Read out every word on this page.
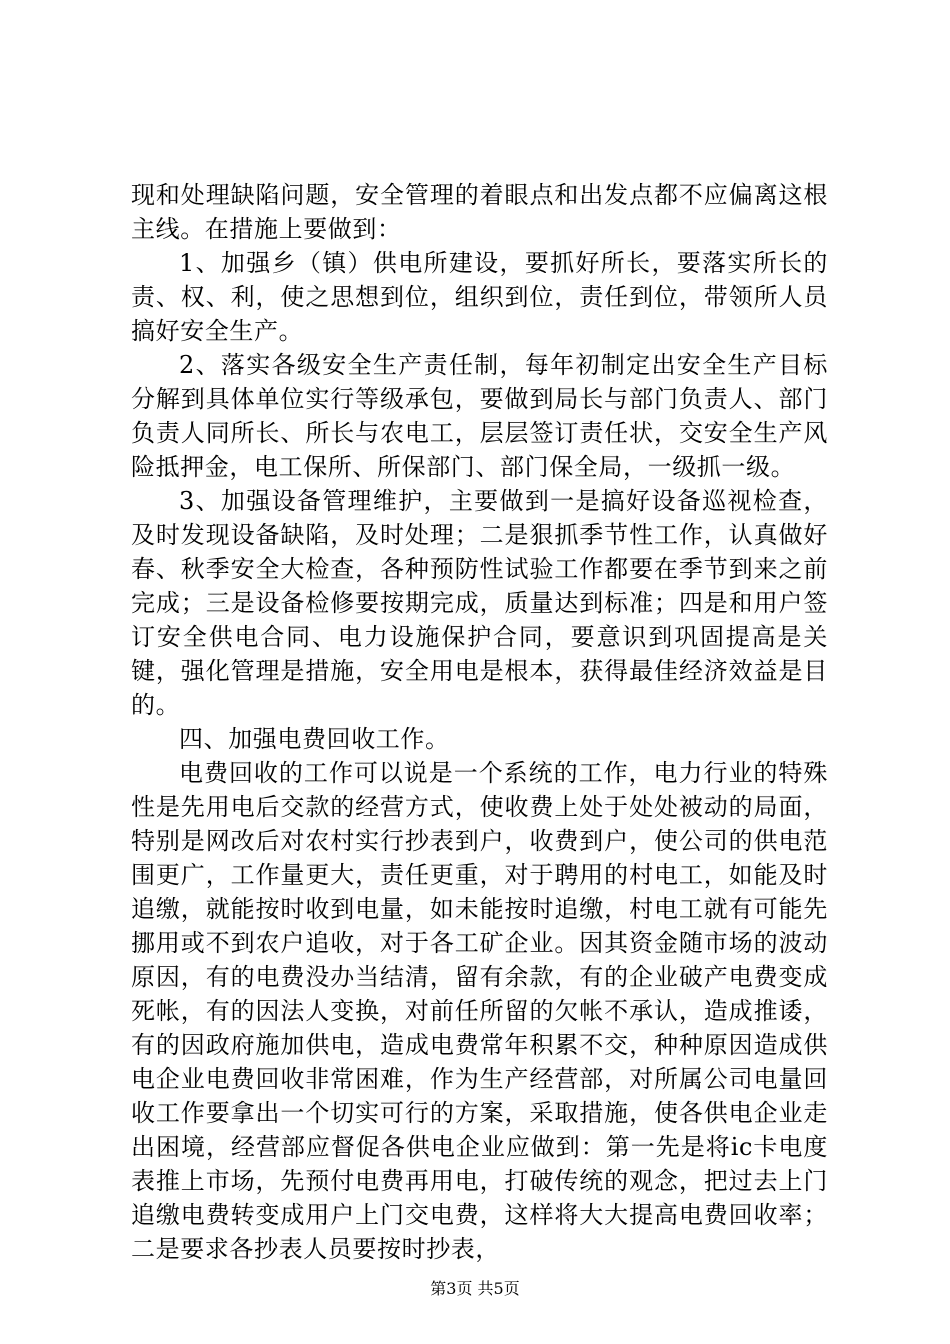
现和处理缺陷问题，安全管理的着眼点和出发点都不应偏离这根主线。在措施上要做到：

1、加强乡（镇）供电所建设，要抓好所长，要落实所长的责、权、利，使之思想到位，组织到位，责任到位，带领所人员搞好安全生产。

2、落实各级安全生产责任制，每年初制定出安全生产目标分解到具体单位实行等级承包，要做到局长与部门负责人、部门负责人同所长、所长与农电工，层层签订责任状，交安全生产风险抵押金，电工保所、所保部门、部门保全局，一级抓一级。

3、加强设备管理维护，主要做到一是搞好设备巡视检查，及时发现设备缺陷，及时处理；二是狠抓季节性工作，认真做好春、秋季安全大检查，各种预防性试验工作都要在季节到来之前完成；三是设备检修要按期完成，质量达到标准；四是和用户签订安全供电合同、电力设施保护合同，要意识到巩固提高是关键，强化管理是措施，安全用电是根本，获得最佳经济效益是目的。

四、加强电费回收工作。

电费回收的工作可以说是一个系统的工作，电力行业的特殊性是先用电后交款的经营方式，使收费上处于处处被动的局面，特别是网改后对农村实行抄表到户，收费到户，使公司的供电范围更广，工作量更大，责任更重，对于聘用的村电工，如能及时追缴，就能按时收到电量，如未能按时追缴，村电工就有可能先挪用或不到农户追收，对于各工矿企业。因其资金随市场的波动原因，有的电费没办当结清，留有余款，有的企业破产电费变成死帐，有的因法人变换，对前任所留的欠帐不承认，造成推诿，有的因政府施加供电，造成电费常年积累不交，种种原因造成供电企业电费回收非常困难，作为生产经营部，对所属公司电量回收工作要拿出一个切实可行的方案，采取措施，使各供电企业走出困境，经营部应督促各供电企业应做到：第一先是将ic卡电度表推上市场，先预付电费再用电，打破传统的观念，把过去上门追缴电费转变成用户上门交电费，这样将大大提高电费回收率；二是要求各抄表人员要按时抄表，

第3页 共5页
